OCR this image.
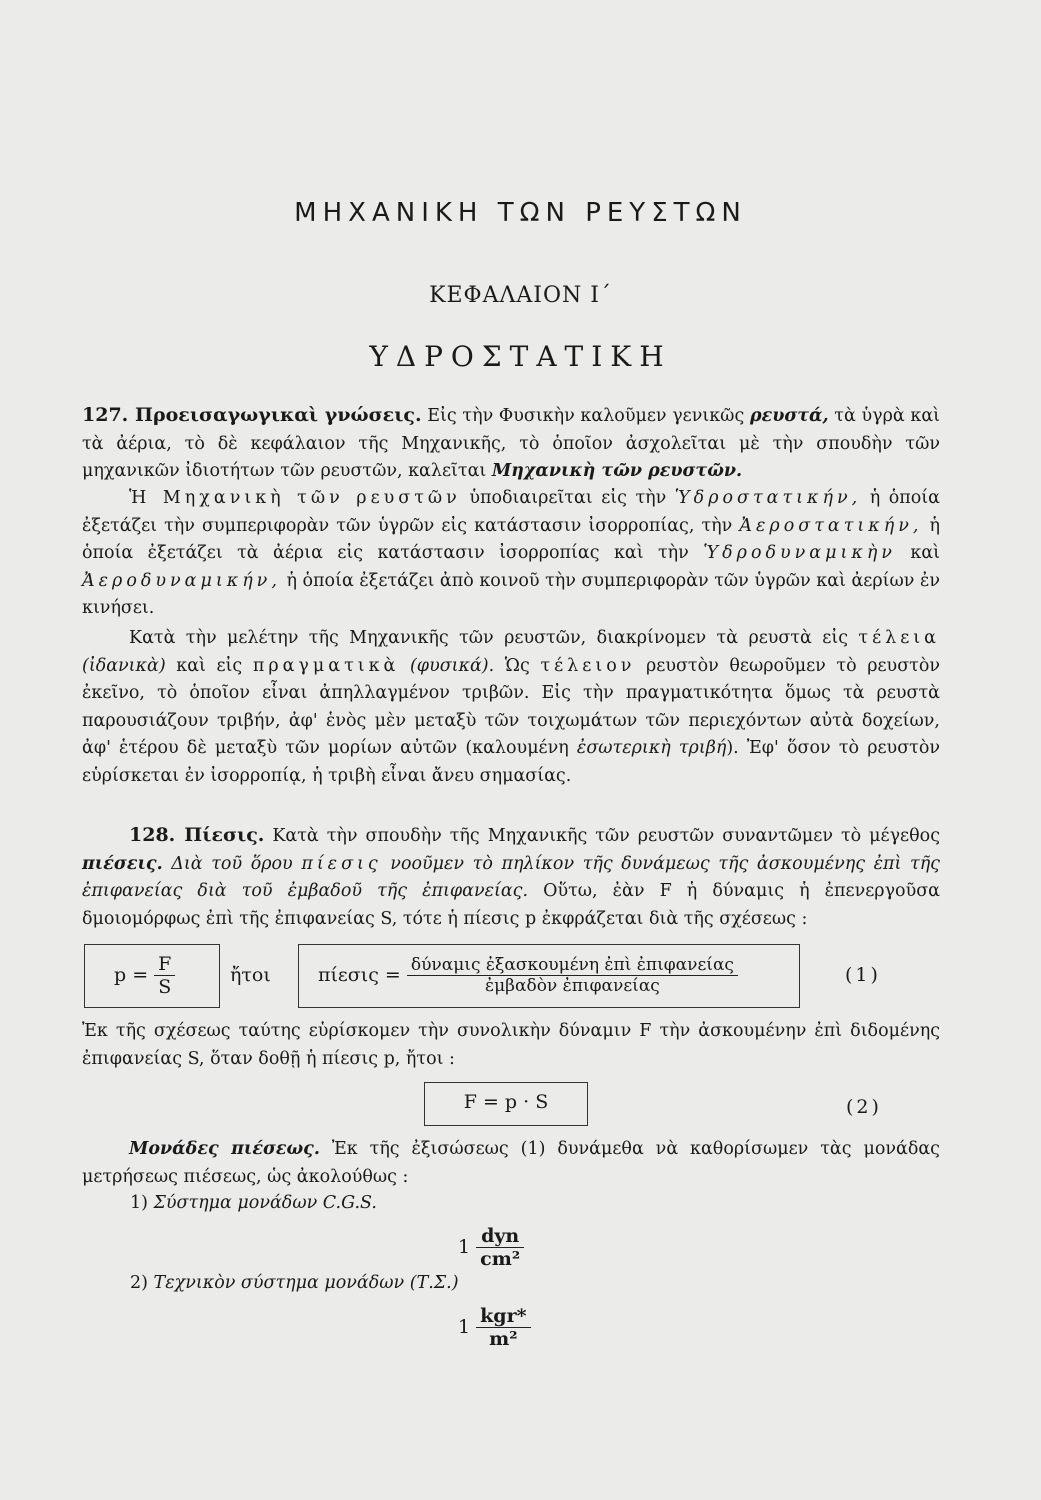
ΜΗΧΑΝΙΚΗ ΤΩΝ ΡΕΥΣΤΩΝ
ΚΕΦΑΛΑΙΟΝ Ι΄
ΥΔΡΟΣΤΑΤΙΚΗ
127. Προεισαγωγικαὶ γνώσεις. Εἰς τὴν Φυσικὴν καλοῦμεν γενικῶς ρευστά, τὰ ὑγρὰ καὶ τὰ ἀέρια, τὸ δὲ κεφάλαιον τῆς Μηχανικῆς, τὸ ὁποῖον ἀσχολεῖται μὲ τὴν σπουδὴν τῶν μηχανικῶν ἰδιοτήτων τῶν ρευστῶν, καλεῖται Μηχανικὴ τῶν ρευστῶν.
Ἡ Μηχανικὴ τῶν ρευστῶν ὑποδιαιρεῖται εἰς τὴν Ὑδροστατικήν, ἡ ὁποία ἐξετάζει τὴν συμπεριφορὰν τῶν ὑγρῶν εἰς κατάστασιν ἰσορροπίας, τὴν Ἀεροστατικήν, ἡ ὁποία ἐξετάζει τὰ ἀέρια εἰς κατάστασιν ἰσορροπίας καὶ τὴν Ὑδροδυναμικὴν καὶ Ἀεροδυναμικήν, ἡ ὁποία ἐξετάζει ἀπὸ κοινοῦ τὴν συμπεριφορὰν τῶν ὑγρῶν καὶ ἀερίων ἐν κινήσει.
Κατὰ τὴν μελέτην τῆς Μηχανικῆς τῶν ρευστῶν, διακρίνομεν τὰ ρευστὰ εἰς τέλεια (ἰδανικὰ) καὶ εἰς πραγματικὰ (φυσικά). Ὡς τέλειον ρευστὸν θεωροῦμεν τὸ ρευστὸν ἐκεῖνο, τὸ ὁποῖον εἶναι ἀπηλλαγμένον τριβῶν. Εἰς τὴν πραγματικότητα ὅμως τὰ ρευστὰ παρουσιάζουν τριβήν, ἀφ' ἑνὸς μὲν μεταξὺ τῶν τοιχωμάτων τῶν περιεχόντων αὐτὰ δοχείων, ἀφ' ἑτέρου δὲ μεταξὺ τῶν μορίων αὐτῶν (καλουμένη ἐσωτερικὴ τριβή). Ἐφ' ὅσον τὸ ρευστὸν εὑρίσκεται ἐν ἰσορροπίᾳ, ἡ τριβὴ εἶναι ἄνευ σημασίας.
128. Πίεσις. Κατὰ τὴν σπουδὴν τῆς Μηχανικῆς τῶν ρευστῶν συναντῶμεν τὸ μέγεθος πιέσεις. Διὰ τοῦ ὅρου πίεσις νοοῦμεν τὸ πηλίκον τῆς δυνάμεως τῆς ἀσκουμένης ἐπὶ τῆς ἐπιφανείας διὰ τοῦ ἐμβαδοῦ τῆς ἐπιφανείας. Οὕτω, ἐὰν F ἡ δύναμις ἡ ἐπενεργοῦσα δμοιομόρφως ἐπὶ τῆς ἐπιφανείας S, τότε ἡ πίεσις p ἐκφράζεται διὰ τῆς σχέσεως :
p =
$\frac{F}{S}$	ἤτοι πίεσις =
$\frac{\text{δύναμις ἐξασκουμένη ἐπὶ ἐπιφανείας}}{\text{ἐμβαδὸν ἐπιφανείας}}$	(1)
Ἐκ τῆς σχέσεως ταύτης εὑρίσκομεν τὴν συνολικὴν δύναμιν F τὴν ἀσκουμένην ἐπὶ διδομένης ἐπιφανείας S, ὅταν δοθῇ ἡ πίεσις p, ἤτοι :
F = p · S	(2)
Μονάδες πιέσεως. Ἐκ τῆς ἐξισώσεως (1) δυνάμεθα νὰ καθορίσωμεν τὰς μονάδας μετρήσεως πιέσεως, ὡς ἀκολούθως :
1) Σύστημα μονάδων C.G.S.
1
$\frac{\text{dyn}}{\text{cm²}}$
2) Τεχνικὸν σύστημα μονάδων (Τ.Σ.)
1
$\frac{\text{kgr*}}{\text{m²}}$
